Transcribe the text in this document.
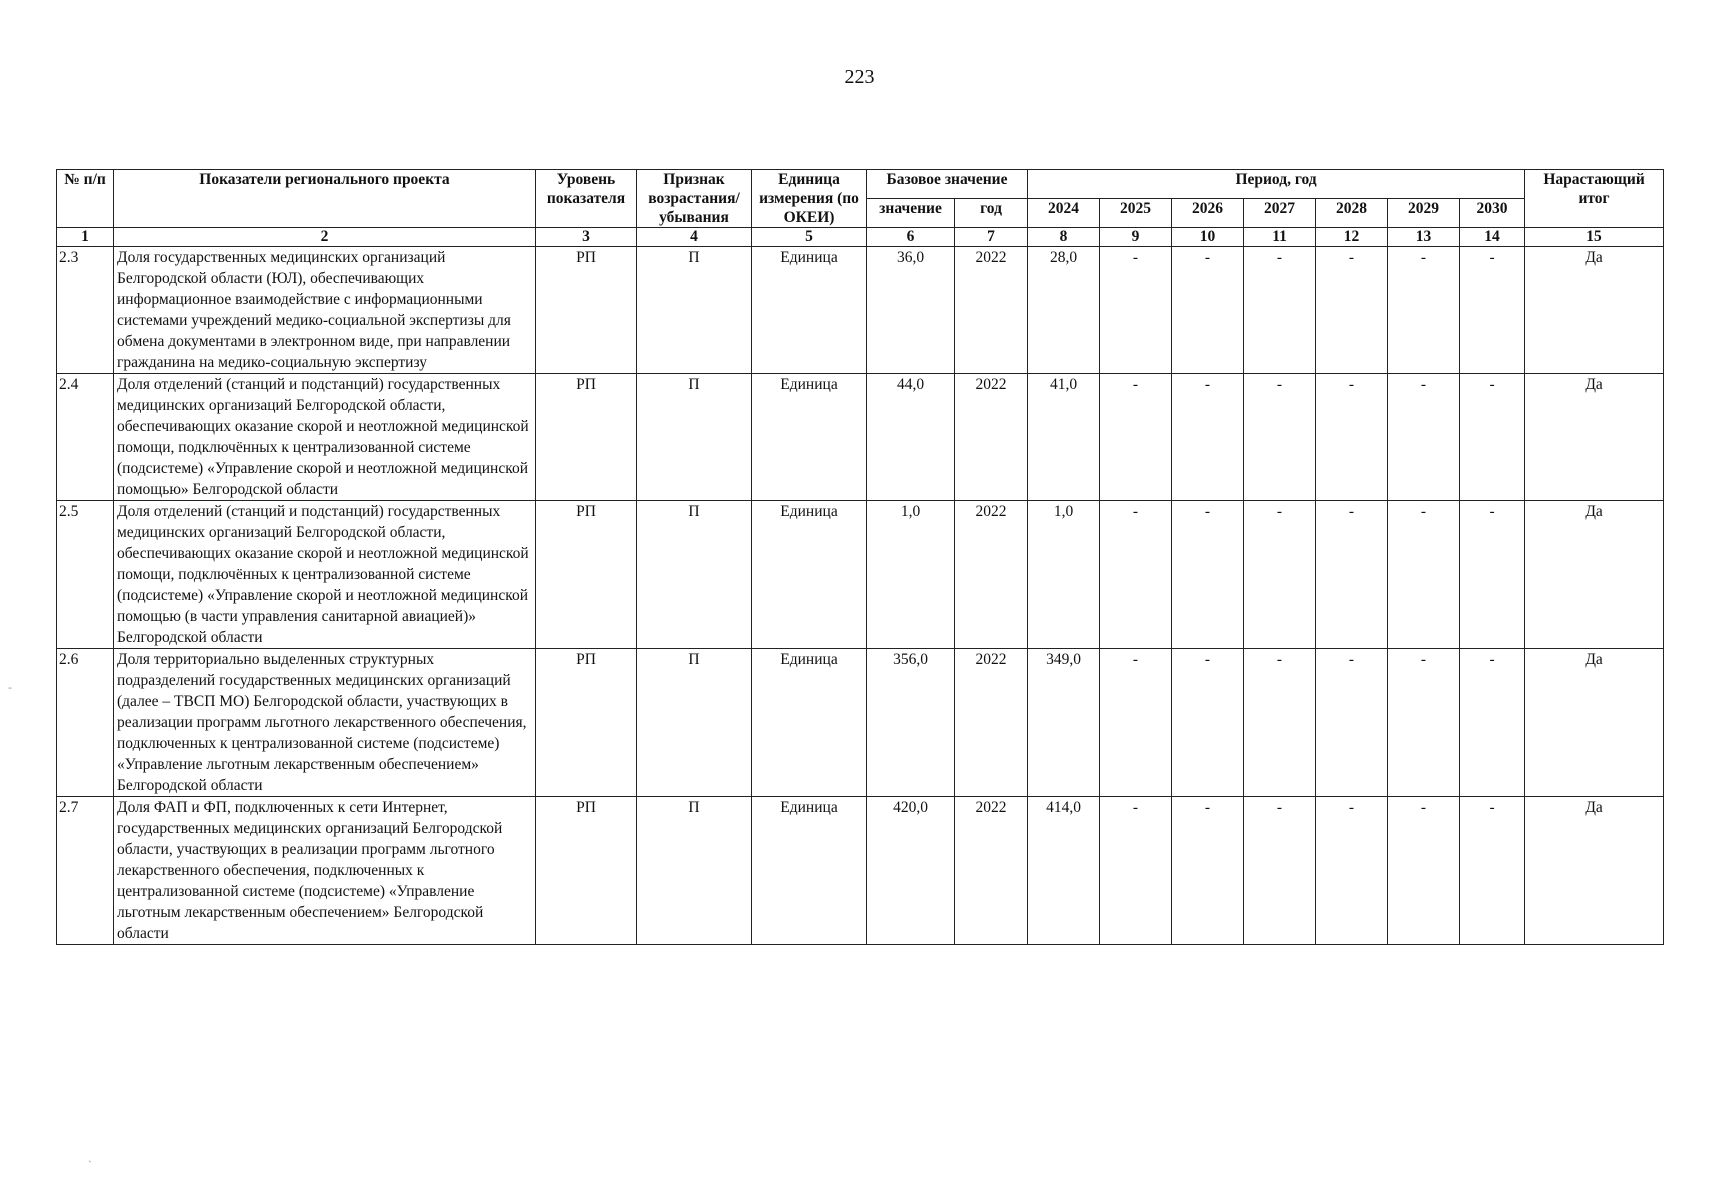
223
№ п/п	Показатели регионального проекта	Уровень показателя	Признак возрастания/ убывания	Единица измерения (по ОКЕИ)	Базовое значение		Период, год							Нарастающий итог
					значение	год	2024	2025	2026	2027	2028	2029	2030	
1	2	3	4	5	6	7	8	9	10	11	12	13	14	15
2.3	Доля государственных медицинских организаций Белгородской области (ЮЛ), обеспечивающих информационное взаимодействие с информационными системами учреждений медико-социальной экспертизы для обмена документами в электронном виде, при направлении гражданина на медико-социальную экспертизу	РП	П	Единица	36,0	2022	28,0	-	-	-	-	-	-	Да
2.4	Доля отделений (станций и подстанций) государственных медицинских организаций Белгородской области, обеспечивающих оказание скорой и неотложной медицинской помощи, подключённых к централизованной системе (подсистеме) «Управление скорой и неотложной медицинской помощью» Белгородской области	РП	П	Единица	44,0	2022	41,0	-	-	-	-	-	-	Да
2.5	Доля отделений (станций и подстанций) государственных медицинских организаций Белгородской области, обеспечивающих оказание скорой и неотложной медицинской помощи, подключённых к централизованной системе (подсистеме) «Управление скорой и неотложной медицинской помощью (в части управления санитарной авиацией)» Белгородской области	РП	П	Единица	1,0	2022	1,0	-	-	-	-	-	-	Да
2.6	Доля территориально выделенных структурных подразделений государственных медицинских организаций (далее – ТВСП МО) Белгородской области, участвующих в реализации программ льготного лекарственного обеспечения, подключенных к централизованной системе (подсистеме) «Управление льготным лекарственным обеспечением» Белгородской области	РП	П	Единица	356,0	2022	349,0	-	-	-	-	-	-	Да
2.7	Доля ФАП и ФП, подключенных к сети Интернет, государственных медицинских организаций Белгородской области, участвующих в реализации программ льготного лекарственного обеспечения, подключенных к централизованной системе (подсистеме) «Управление льготным лекарственным обеспечением» Белгородской области	РП	П	Единица	420,0	2022	414,0	-	-	-	-	-	-	Да
-
`
